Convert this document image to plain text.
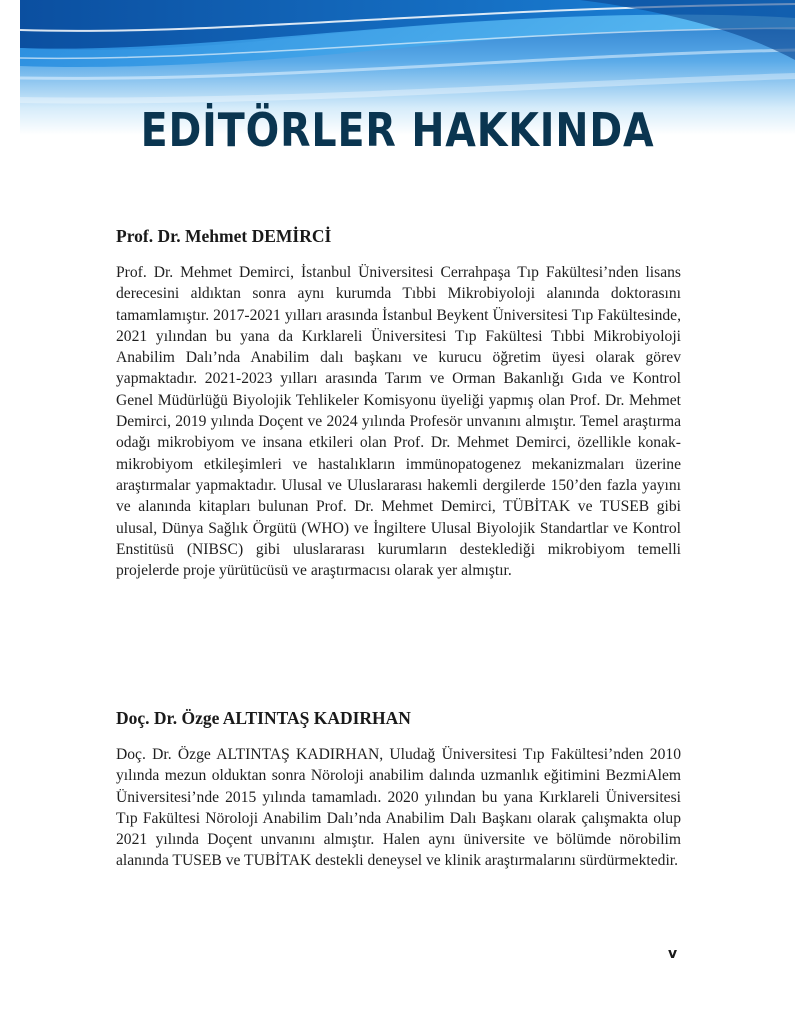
EDİTÖRLER HAKKINDA
Prof. Dr. Mehmet DEMİRCİ

Prof. Dr. Mehmet Demirci, İstanbul Üniversitesi Cerrahpaşa Tıp Fakültesi’nden lisans derecesini aldıktan sonra aynı kurumda Tıbbi Mikrobiyoloji alanında doktorasını tamamlamıştır. 2017-2021 yılları arasında İstanbul Beykent Üniversitesi Tıp Fakültesinde, 2021 yılından bu yana da Kırklareli Üniversitesi Tıp Fakültesi Tıbbi Mikrobiyoloji Anabilim Dalı’nda Anabilim dalı başkanı ve kurucu öğretim üyesi olarak görev yapmaktadır. 2021-2023 yılları arasında Tarım ve Orman Bakanlığı Gıda ve Kontrol Genel Müdürlüğü Biyolojik Tehlikeler Komisyonu üyeliği yapmış olan Prof. Dr. Mehmet Demirci, 2019 yılında Doçent ve 2024 yılında Profesör unvanını almıştır. Temel araştırma odağı mikrobiyom ve insana etkileri olan Prof. Dr. Mehmet Demirci, özellikle konak-mikrobiyom etkileşimleri ve hastalıkların immünopatogenez mekanizmaları üzerine araştırmalar yapmaktadır. Ulusal ve Uluslararası hakemli dergilerde 150’den fazla yayını ve alanında kitapları bulunan Prof. Dr. Mehmet Demirci, TÜBİTAK ve TUSEB gibi ulusal, Dünya Sağlık Örgütü (WHO) ve İngiltere Ulusal Biyolojik Standartlar ve Kontrol Enstitüsü (NIBSC) gibi uluslararası kurumların desteklediği mikrobiyom temelli projelerde proje yürütücüsü ve araştırmacısı olarak yer almıştır.

Doç. Dr. Özge ALTINTAŞ KADIRHAN

Doç. Dr. Özge ALTINTAŞ KADIRHAN, Uludağ Üniversitesi Tıp Fakültesi’nden 2010 yılında mezun olduktan sonra Nöroloji anabilim dalında uzmanlık eğitimini BezmiAlem Üniversitesi’nde 2015 yılında tamamladı. 2020 yılından bu yana Kırklareli Üniversitesi Tıp Fakültesi Nöroloji Anabilim Dalı’nda Anabilim Dalı Başkanı olarak çalışmakta olup 2021 yılında Doçent unvanını almıştır. Halen aynı üniversite ve bölümde nörobilim alanında TUSEB ve TUBİTAK destekli deneysel ve klinik araştırmalarını sürdürmektedir.

v
